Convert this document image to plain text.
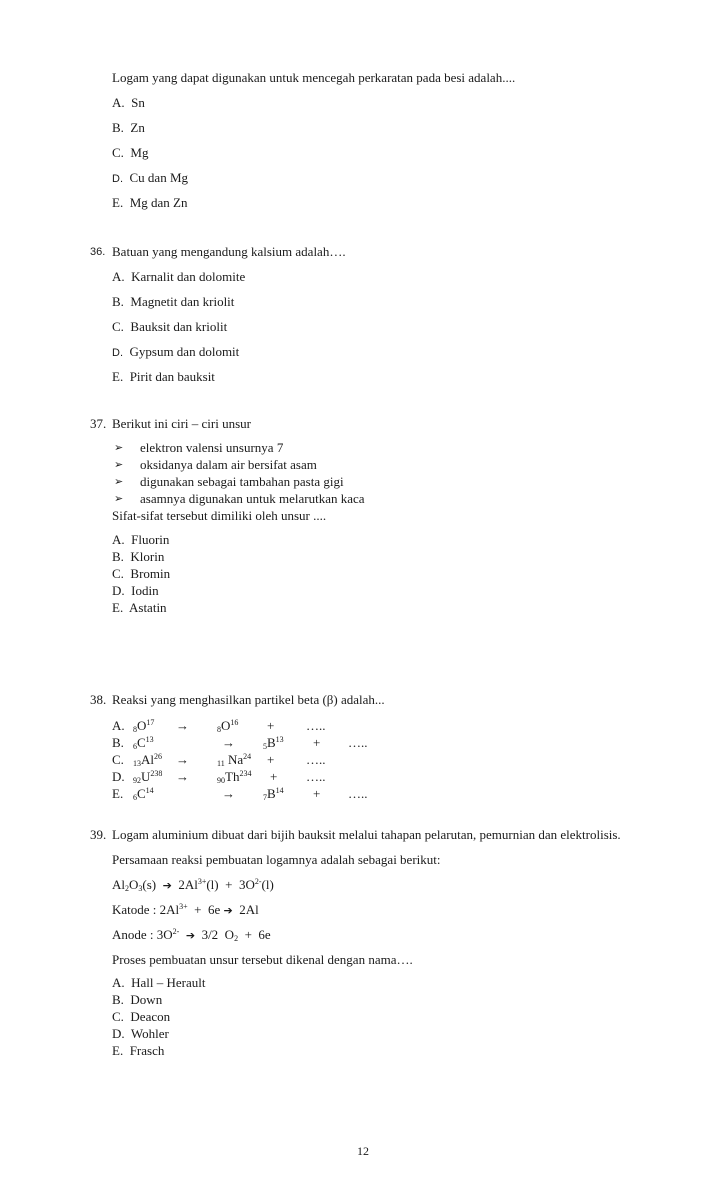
Logam yang dapat digunakan untuk mencegah perkaratan pada besi adalah....
A. Sn
B. Zn
C. Mg
D. Cu dan Mg
E. Mg dan Zn
36. Batuan yang mengandung kalsium adalah….
A. Karnalit dan dolomite
B. Magnetit dan kriolit
C. Bauksit dan kriolit
D. Gypsum dan dolomit
E. Pirit dan bauksit
37. Berikut ini ciri – ciri unsur
➢	elektron valensi unsurnya 7
➢	oksidanya dalam air bersifat asam
➢	digunakan sebagai tambahan pasta gigi
➢	asamnya digunakan untuk melarutkan kaca
Sifat-sifat tersebut dimiliki oleh unsur ....
A. Fluorin
B. Klorin
C. Bromin
D. Iodin
E. Astatin
38. Reaksi yang menghasilkan partikel beta (β) adalah...
A. $_8O^{17}$ →	$_8O^{16}$ + …..
B. $_6C^{13}$	→	$_5B^{13}$ + …..
C. $_{13}Al^{26}$ →	$_{11}$ $Na^{24}$ + …..
D. $_{92}U^{238}$ →	$_{90}Th^{234}$ + …..
E. $_6C^{14}$	→	$_7B^{14}$ + …..
39. Logam aluminium dibuat dari bijih bauksit melalui tahapan pelarutan, pemurnian dan elektrolisis.
Persamaan reaksi pembuatan logamnya adalah sebagai berikut:
$Al_2O_3(s)$  ➔  $2Al^{3+}(l) + 3O^{2-}(l)$
Katode : $2Al^{3+} + 6e$ ➔  2Al
Anode : $3O^{2-}$ ➔  3/2  $O_2 + 6e$
Proses pembuatan unsur tersebut dikenal dengan nama….
A. Hall – Herault
B. Down
C. Deacon
D. Wohler
E. Frasch
12
